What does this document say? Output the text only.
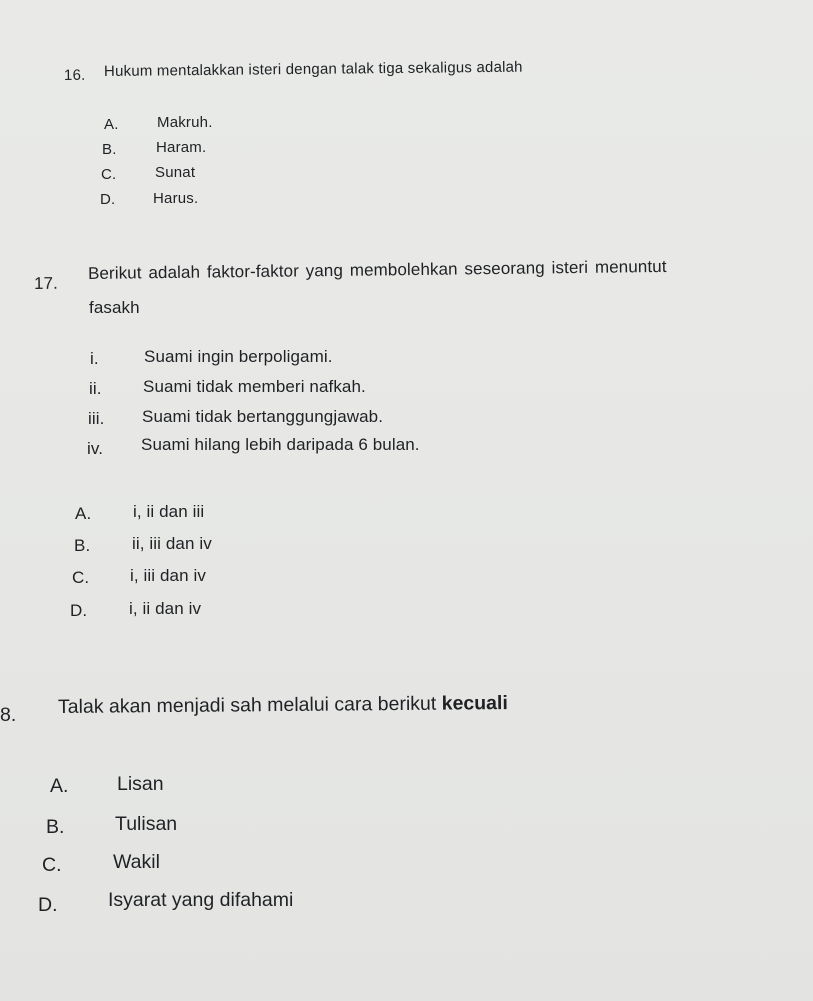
16. Hukum mentalakkan isteri dengan talak tiga sekaligus adalah
A.	Makruh.
B.	Haram.
C.	Sunat
D.	Harus.
17.
Berikut adalah faktor-faktor yang membolehkan seseorang isteri menuntut
fasakh
i.	Suami ingin berpoligami.
ii. Suami tidak memberi nafkah.
iii. Suami tidak bertanggungjawab.
iv. Suami hilang lebih daripada 6 bulan.
A. i, ii dan iii
B. ii, iii dan iv
C. i, iii dan iv
D. i, ii dan iv
8. Talak akan menjadi sah melalui cara berikut kecuali
A. Lisan
B.	Tulisan
C.	Wakil
D.	Isyarat yang difahami
